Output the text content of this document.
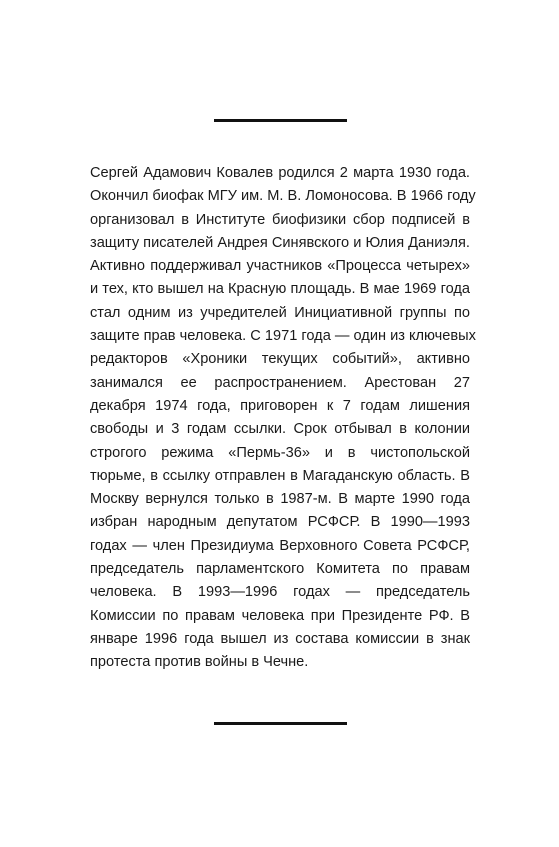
Сергей Адамович Ковалев родился 2 марта 1930 года.
Окончил биофак МГУ им. М. В. Ломоносова. В 1966 году
организовал в Институте биофизики сбор подписей в
защиту писателей Андрея Синявского и Юлия Даниэля.
Активно поддерживал участников «Процесса четырех»
и тех, кто вышел на Красную площадь. В мае 1969 года
стал одним из учредителей Инициативной группы по
защите прав человека. С 1971 года — один из ключевых
редакторов «Хроники текущих событий», активно
занимался ее распространением. Арестован 27
декабря 1974 года, приговорен к 7 годам лишения
свободы и 3 годам ссылки. Срок отбывал в колонии
строгого режима «Пермь-36» и в чистопольской
тюрьме, в ссылку отправлен в Магаданскую область. В
Москву вернулся только в 1987-м. В марте 1990 года
избран народным депутатом РСФСР. В 1990—1993
годах — член Президиума Верховного Совета РСФСР,
председатель парламентского Комитета по правам
человека. В 1993—1996 годах — председатель
Комиссии по правам человека при Президенте РФ. В
январе 1996 года вышел из состава комиссии в знак
протеста против войны в Чечне.
